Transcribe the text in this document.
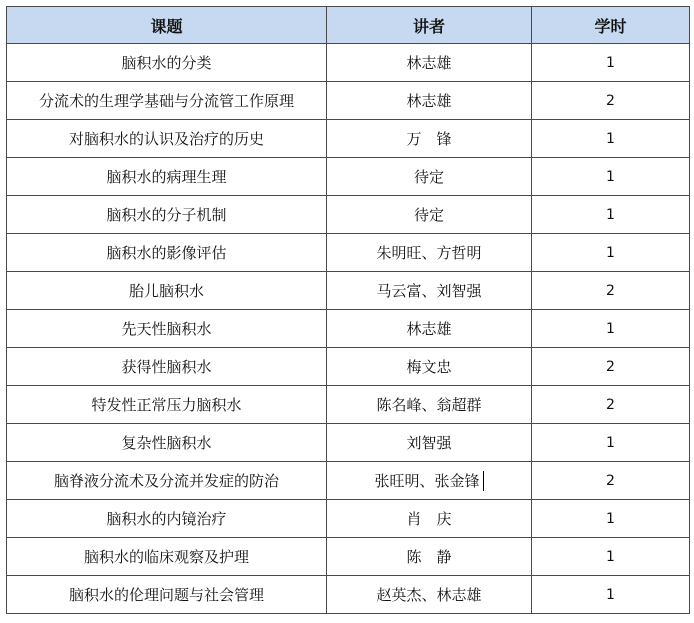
课题	讲者	学时
脑积水的分类	林志雄	1
分流术的生理学基础与分流管工作原理	林志雄	2
对脑积水的认识及治疗的历史	万　锋	1
脑积水的病理生理	待定	1
脑积水的分子机制	待定	1
脑积水的影像评估	朱明旺、方哲明	1
胎儿脑积水	马云富、刘智强	2
先天性脑积水	林志雄	1
获得性脑积水	梅文忠	2
特发性正常压力脑积水	陈名峰、翁超群	2
复杂性脑积水	刘智强	1
脑脊液分流术及分流并发症的防治	张旺明、张金锋	2
脑积水的内镜治疗	肖　庆	1
脑积水的临床观察及护理	陈　静	1
脑积水的伦理问题与社会管理	赵英杰、林志雄	1
